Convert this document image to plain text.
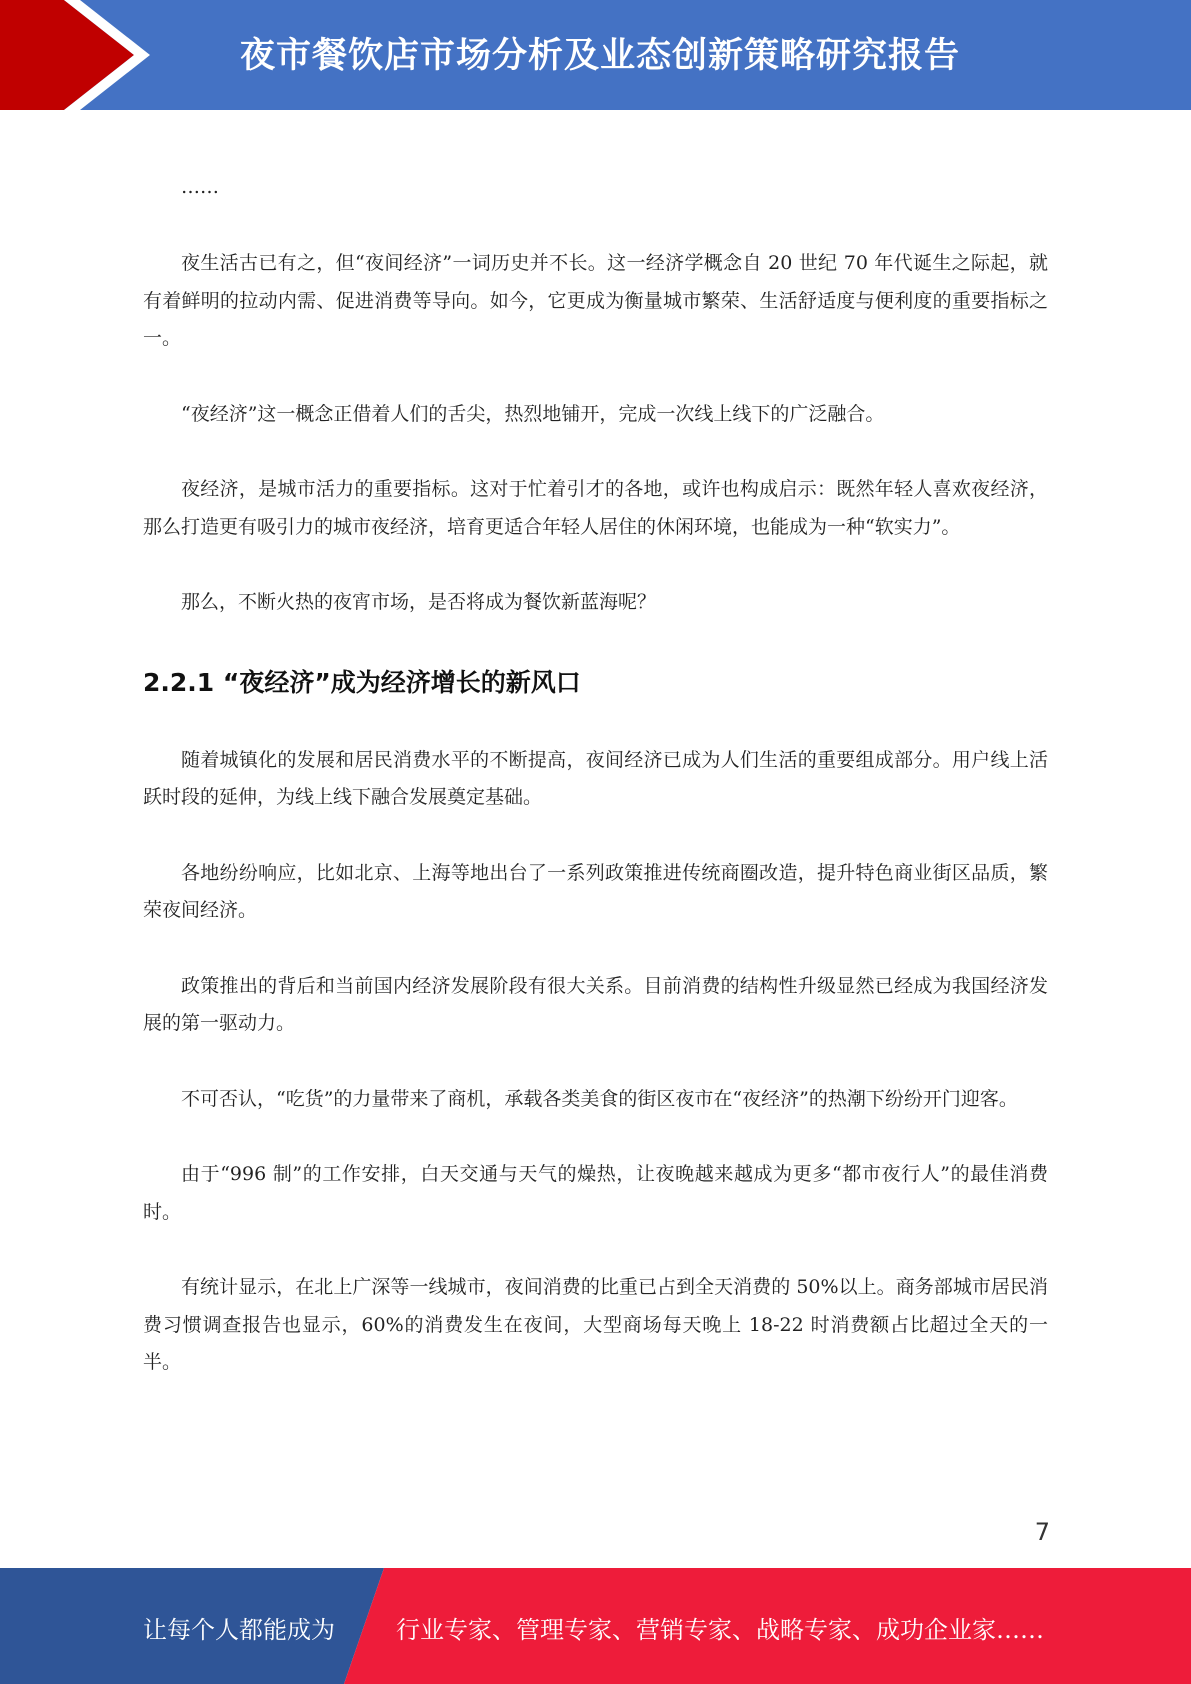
夜市餐饮店市场分析及业态创新策略研究报告

……

夜生活古已有之，但“夜间经济”一词历史并不长。这一经济学概念自 20 世纪 70 年代诞生之际起，就有着鲜明的拉动内需、促进消费等导向。如今，它更成为衡量城市繁荣、生活舒适度与便利度的重要指标之一。

“夜经济”这一概念正借着人们的舌尖，热烈地铺开，完成一次线上线下的广泛融合。

夜经济，是城市活力的重要指标。这对于忙着引才的各地，或许也构成启示：既然年轻人喜欢夜经济，那么打造更有吸引力的城市夜经济，培育更适合年轻人居住的休闲环境，也能成为一种“软实力”。

那么，不断火热的夜宵市场，是否将成为餐饮新蓝海呢？

2.2.1 “夜经济”成为经济增长的新风口

随着城镇化的发展和居民消费水平的不断提高，夜间经济已成为人们生活的重要组成部分。用户线上活跃时段的延伸，为线上线下融合发展奠定基础。

各地纷纷响应，比如北京、上海等地出台了一系列政策推进传统商圈改造，提升特色商业街区品质，繁荣夜间经济。

政策推出的背后和当前国内经济发展阶段有很大关系。目前消费的结构性升级显然已经成为我国经济发展的第一驱动力。

不可否认，“吃货”的力量带来了商机，承载各类美食的街区夜市在“夜经济”的热潮下纷纷开门迎客。

由于“996 制”的工作安排，白天交通与天气的燥热，让夜晚越来越成为更多“都市夜行人”的最佳消费时。

有统计显示，在北上广深等一线城市，夜间消费的比重已占到全天消费的 50%以上。商务部城市居民消费习惯调查报告也显示，60%的消费发生在夜间，大型商场每天晚上 18-22 时消费额占比超过全天的一半。

7
让每个人都能成为	行业专家、管理专家、营销专家、战略专家、成功企业家……
